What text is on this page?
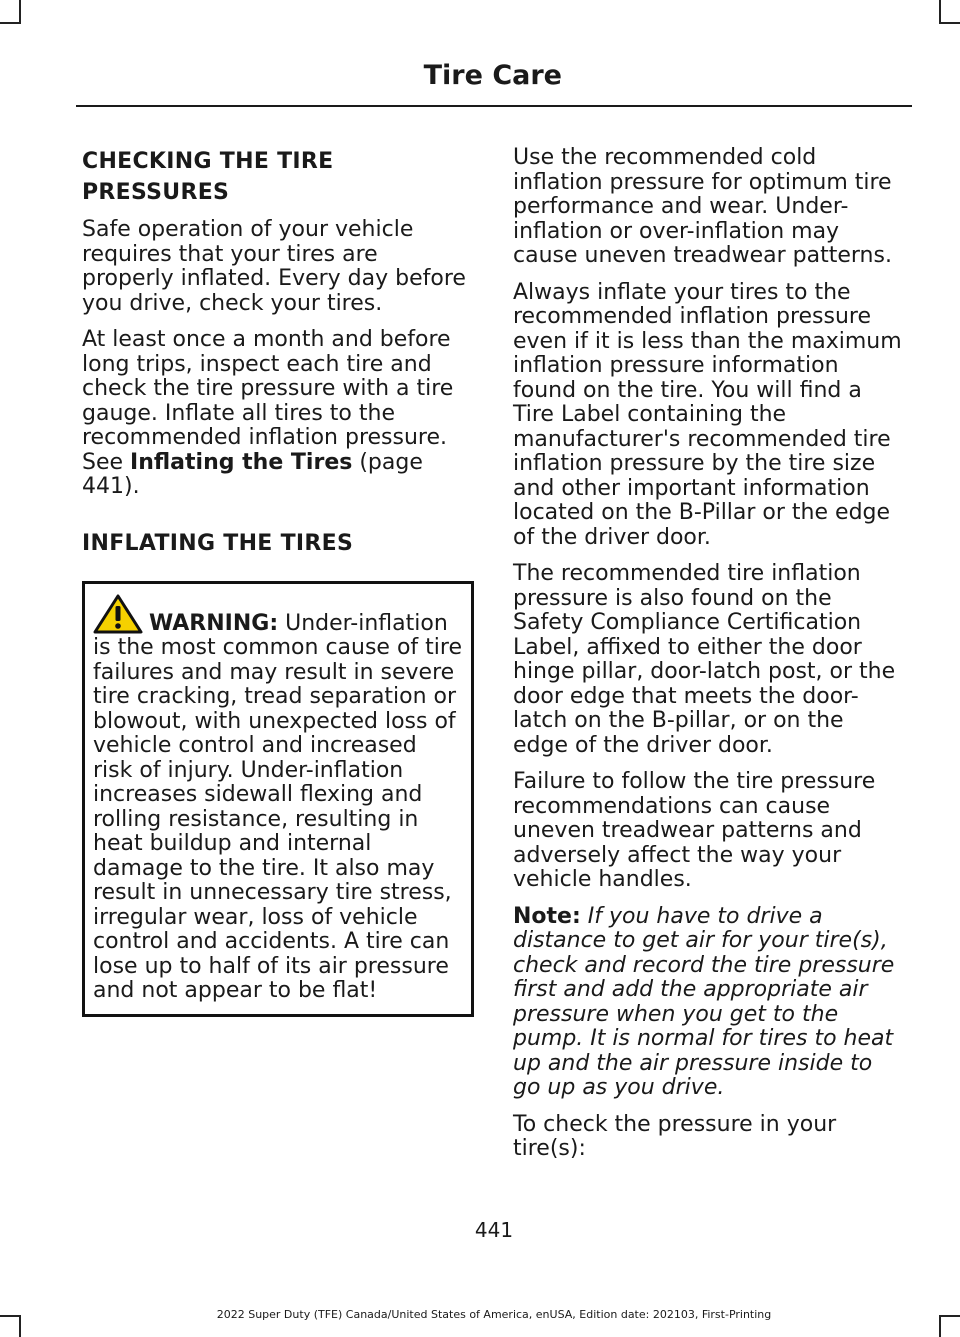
Tire Care
CHECKING THE TIRE PRESSURES

Safe operation of your vehicle requires that your tires are properly inflated. Every day before you drive, check your tires.

At least once a month and before long trips, inspect each tire and check the tire pressure with a tire gauge. Inflate all tires to the recommended inflation pressure. See Inflating the Tires (page 441).

INFLATING THE TIRES
WARNING: Under-inflation is the most common cause of tire failures and may result in severe tire cracking, tread separation or blowout, with unexpected loss of vehicle control and increased risk of injury. Under-inflation increases sidewall flexing and rolling resistance, resulting in heat buildup and internal damage to the tire. It also may result in unnecessary tire stress, irregular wear, loss of vehicle control and accidents. A tire can lose up to half of its air pressure and not appear to be flat!

Use the recommended cold inflation pressure for optimum tire performance and wear. Under-inflation or over-inflation may cause uneven treadwear patterns.

Always inflate your tires to the recommended inflation pressure even if it is less than the maximum inflation pressure information found on the tire. You will find a Tire Label containing the manufacturer's recommended tire inflation pressure by the tire size and other important information located on the B-Pillar or the edge of the driver door.

The recommended tire inflation pressure is also found on the Safety Compliance Certification Label, affixed to either the door hinge pillar, door-latch post, or the door edge that meets the door-latch on the B-pillar, or on the edge of the driver door.

Failure to follow the tire pressure recommendations can cause uneven treadwear patterns and adversely affect the way your vehicle handles.

Note: If you have to drive a distance to get air for your tire(s), check and record the tire pressure first and add the appropriate air pressure when you get to the pump. It is normal for tires to heat up and the air pressure inside to go up as you drive.

To check the pressure in your tire(s):

441
2022 Super Duty (TFE) Canada/United States of America, enUSA, Edition date: 202103, First-Printing
